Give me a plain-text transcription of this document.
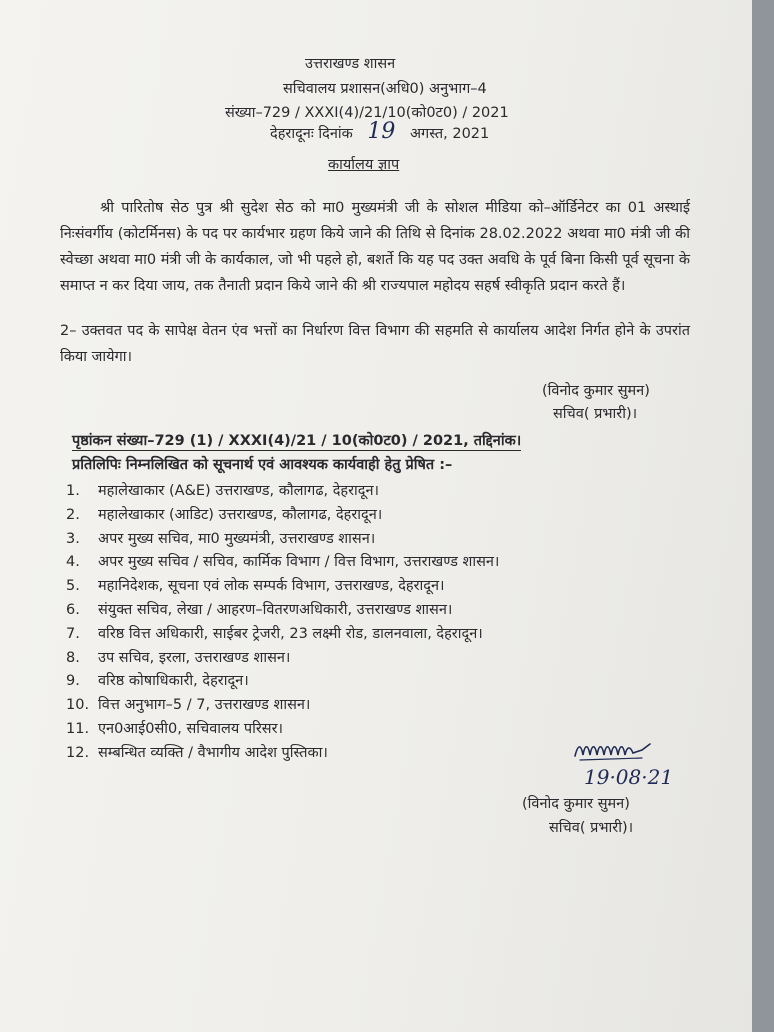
उत्तराखण्ड शासन
सचिवालय प्रशासन(अधि0) अनुभाग–4
संख्या–729 / XXXI(4)/21/10(को0ट0) / 2021
देहरादूनः दिनांक 19 अगस्त, 2021
कार्यालय ज्ञाप

श्री पारितोष सेठ पुत्र श्री सुदेश सेठ को मा0 मुख्यमंत्री जी के सोशल मीडिया को–ऑर्डिनेटर का 01 अस्थाई निःसंवर्गीय (कोटर्मिनस) के पद पर कार्यभार ग्रहण किये जाने की तिथि से दिनांक 28.02.2022 अथवा मा0 मंत्री जी की स्वेच्छा अथवा मा0 मंत्री जी के कार्यकाल, जो भी पहले हो, बशर्ते कि यह पद उक्त अवधि के पूर्व बिना किसी पूर्व सूचना के समाप्त न कर दिया जाय, तक तैनाती प्रदान किये जाने की श्री राज्यपाल महोदय सहर्ष स्वीकृति प्रदान करते हैं।

2– उक्तवत पद के सापेक्ष वेतन एंव भत्तों का निर्धारण वित्त विभाग की सहमति से कार्यालय आदेश निर्गत होने के उपरांत किया जायेगा।

(विनोद कुमार सुमन)
सचिव( प्रभारी)।
पृष्ठांकन संख्या–729 (1) / XXXI(4)/21 / 10(को0ट0) / 2021, तद्दिनांक।
प्रतिलिपिः निम्नलिखित को सूचनार्थ एवं आवश्यक कार्यवाही हेतु प्रेषित :–
1. महालेखाकार (A&E) उत्तराखण्ड, कौलागढ, देहरादून।
2. महालेखाकार (आडिट) उत्तराखण्ड, कौलागढ, देहरादून।
3. अपर मुख्य सचिव, मा0 मुख्यमंत्री, उत्तराखण्ड शासन।
4. अपर मुख्य सचिव / सचिव, कार्मिक विभाग / वित्त विभाग, उत्तराखण्ड शासन।
5. महानिदेशक, सूचना एवं लोक सम्पर्क विभाग, उत्तराखण्ड, देहरादून।
6. संयुक्त सचिव, लेखा / आहरण–वितरणअधिकारी, उत्तराखण्ड शासन।
7. वरिष्ठ वित्त अधिकारी, साईबर ट्रेजरी, 23 लक्ष्मी रोड, डालनवाला, देहरादून।
8. उप सचिव, इरला, उत्तराखण्ड शासन।
9. वरिष्ठ कोषाधिकारी, देहरादून।
10. वित्त अनुभाग–5 / 7, उत्तराखण्ड शासन।
11. एन0आई0सी0, सचिवालय परिसर।
12. सम्बन्धित व्यक्ति / वैभागीय आदेश पुस्तिका।
19·08·21
(विनोद कुमार सुमन)
सचिव( प्रभारी)।
